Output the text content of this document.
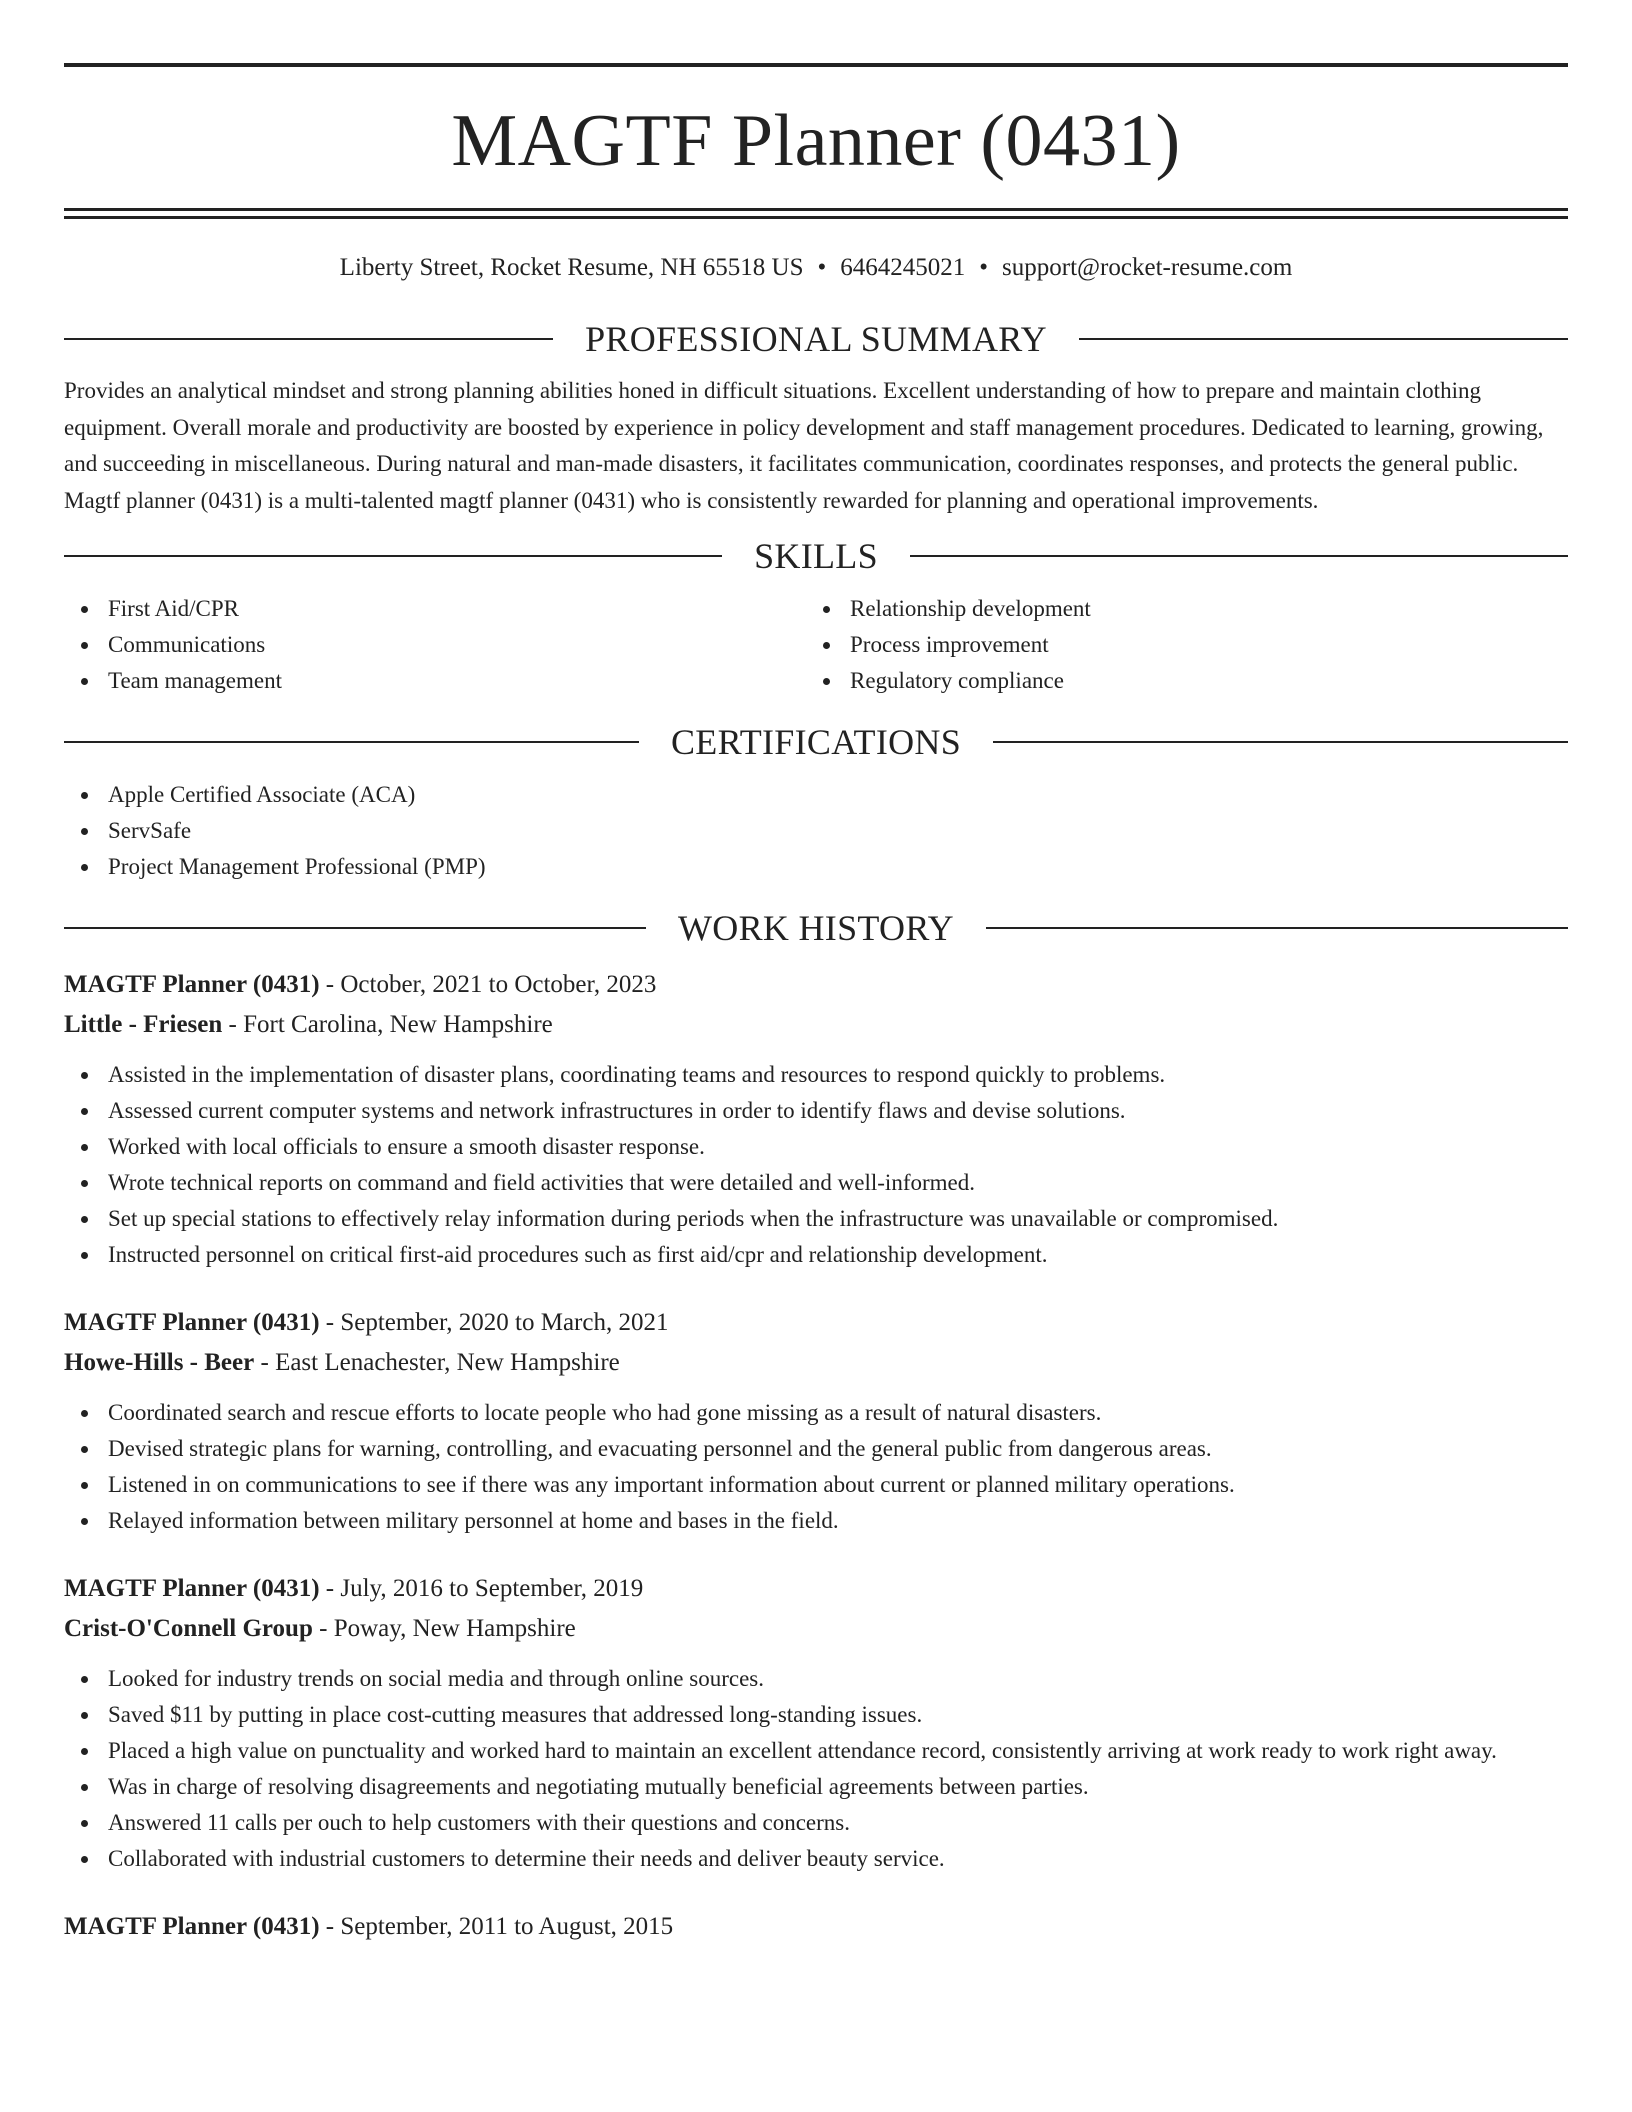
MAGTF Planner (0431)
Liberty Street, Rocket Resume, NH 65518 US • 6464245021 • support@rocket-resume.com
PROFESSIONAL SUMMARY

Provides an analytical mindset and strong planning abilities honed in difficult situations. Excellent understanding of how to prepare and maintain clothing equipment. Overall morale and productivity are boosted by experience in policy development and staff management procedures. Dedicated to learning, growing, and succeeding in miscellaneous. During natural and man-made disasters, it facilitates communication, coordinates responses, and protects the general public. Magtf planner (0431) is a multi-talented magtf planner (0431) who is consistently rewarded for planning and operational improvements.

SKILLS
First Aid/CPR
Communications
Team management
Relationship development
Process improvement
Regulatory compliance
CERTIFICATIONS
Apple Certified Associate (ACA)
ServSafe
Project Management Professional (PMP)
WORK HISTORY
MAGTF Planner (0431) - October, 2021 to October, 2023
Little - Friesen - Fort Carolina, New Hampshire
Assisted in the implementation of disaster plans, coordinating teams and resources to respond quickly to problems.
Assessed current computer systems and network infrastructures in order to identify flaws and devise solutions.
Worked with local officials to ensure a smooth disaster response.
Wrote technical reports on command and field activities that were detailed and well-informed.
Set up special stations to effectively relay information during periods when the infrastructure was unavailable or compromised.
Instructed personnel on critical first-aid procedures such as first aid/cpr and relationship development.
MAGTF Planner (0431) - September, 2020 to March, 2021
Howe-Hills - Beer - East Lenachester, New Hampshire
Coordinated search and rescue efforts to locate people who had gone missing as a result of natural disasters.
Devised strategic plans for warning, controlling, and evacuating personnel and the general public from dangerous areas.
Listened in on communications to see if there was any important information about current or planned military operations.
Relayed information between military personnel at home and bases in the field.
MAGTF Planner (0431) - July, 2016 to September, 2019
Crist-O'Connell Group - Poway, New Hampshire
Looked for industry trends on social media and through online sources.
Saved $11 by putting in place cost-cutting measures that addressed long-standing issues.
Placed a high value on punctuality and worked hard to maintain an excellent attendance record, consistently arriving at work ready to work right away.
Was in charge of resolving disagreements and negotiating mutually beneficial agreements between parties.
Answered 11 calls per ouch to help customers with their questions and concerns.
Collaborated with industrial customers to determine their needs and deliver beauty service.
MAGTF Planner (0431) - September, 2011 to August, 2015
